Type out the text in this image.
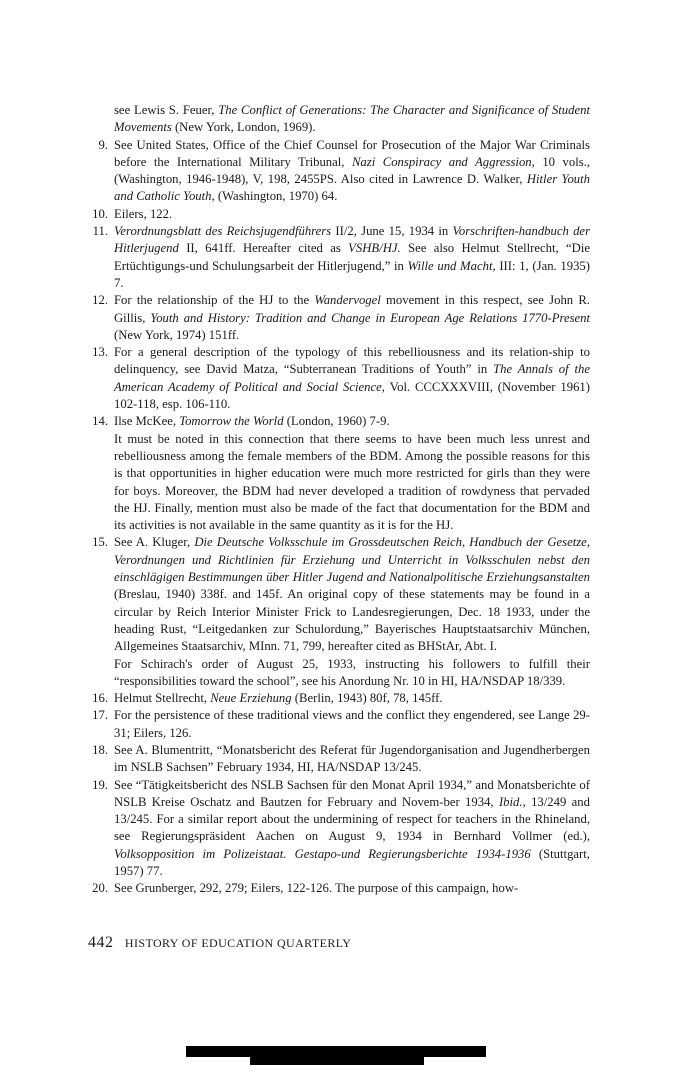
see Lewis S. Feuer, The Conflict of Generations: The Character and Significance of Student Movements (New York, London, 1969).
9. See United States, Office of the Chief Counsel for Prosecution of the Major War Criminals before the International Military Tribunal, Nazi Conspiracy and Aggression, 10 vols., (Washington, 1946-1948), V, 198, 2455PS. Also cited in Lawrence D. Walker, Hitler Youth and Catholic Youth, (Washington, 1970) 64.
10. Eilers, 122.
11. Verordnungsblatt des Reichsjugendführers II/2, June 15, 1934 in Vorschriften-handbuch der Hitlerjugend II, 641ff. Hereafter cited as VSHB/HJ. See also Helmut Stellrecht, “Die Ertüchtigungs-und Schulungsarbeit der Hitlerjugend,” in Wille und Macht, III: 1, (Jan. 1935) 7.
12. For the relationship of the HJ to the Wandervogel movement in this respect, see John R. Gillis, Youth and History: Tradition and Change in European Age Relations 1770-Present (New York, 1974) 151ff.
13. For a general description of the typology of this rebelliousness and its relation-ship to delinquency, see David Matza, “Subterranean Traditions of Youth” in The Annals of the American Academy of Political and Social Science, Vol. CCCXXXVIII, (November 1961) 102-118, esp. 106-110.
14. Ilse McKee, Tomorrow the World (London, 1960) 7-9.
It must be noted in this connection that there seems to have been much less unrest and rebelliousness among the female members of the BDM. Among the possible reasons for this is that opportunities in higher education were much more restricted for girls than they were for boys. Moreover, the BDM had never developed a tradition of rowdyness that pervaded the HJ. Finally, mention must also be made of the fact that documentation for the BDM and its activities is not available in the same quantity as it is for the HJ.
15. See A. Kluger, Die Deutsche Volksschule im Grossdeutschen Reich, Handbuch der Gesetze, Verordnungen und Richtlinien für Erziehung und Unterricht in Volksschulen nebst den einschlägigen Bestimmungen über Hitler Jugend and Nationalpolitische Erziehungsanstalten (Breslau, 1940) 338f. and 145f. An original copy of these statements may be found in a circular by Reich Interior Minister Frick to Landesregierungen, Dec. 18 1933, under the heading Rust, “Leitgedanken zur Schulordung,” Bayerisches Hauptstaatsarchiv München, Allgemeines Staatsarchiv, MInn. 71, 799, hereafter cited as BHStAr, Abt. I.
For Schirach's order of August 25, 1933, instructing his followers to fulfill their “responsibilities toward the school”, see his Anordung Nr. 10 in HI, HA/NSDAP 18/339.
16. Helmut Stellrecht, Neue Erziehung (Berlin, 1943) 80f, 78, 145ff.
17. For the persistence of these traditional views and the conflict they engendered, see Lange 29-31; Eilers, 126.
18. See A. Blumentritt, “Monatsbericht des Referat für Jugendorganisation and Jugendherbergen im NSLB Sachsen” February 1934, HI, HA/NSDAP 13/245.
19. See “Tätigkeitsbericht des NSLB Sachsen für den Monat April 1934,” and Monatsberichte of NSLB Kreise Oschatz and Bautzen for February and Novem-ber 1934, Ibid., 13/249 and 13/245. For a similar report about the undermining of respect for teachers in the Rhineland, see Regierungspräsident Aachen on August 9, 1934 in Bernhard Vollmer (ed.), Volksopposition im Polizeistaat. Gestapo-und Regierungsberichte 1934-1936 (Stuttgart, 1957) 77.
20. See Grunberger, 292, 279; Eilers, 122-126. The purpose of this campaign, how-
442 HISTORY OF EDUCATION QUARTERLY
